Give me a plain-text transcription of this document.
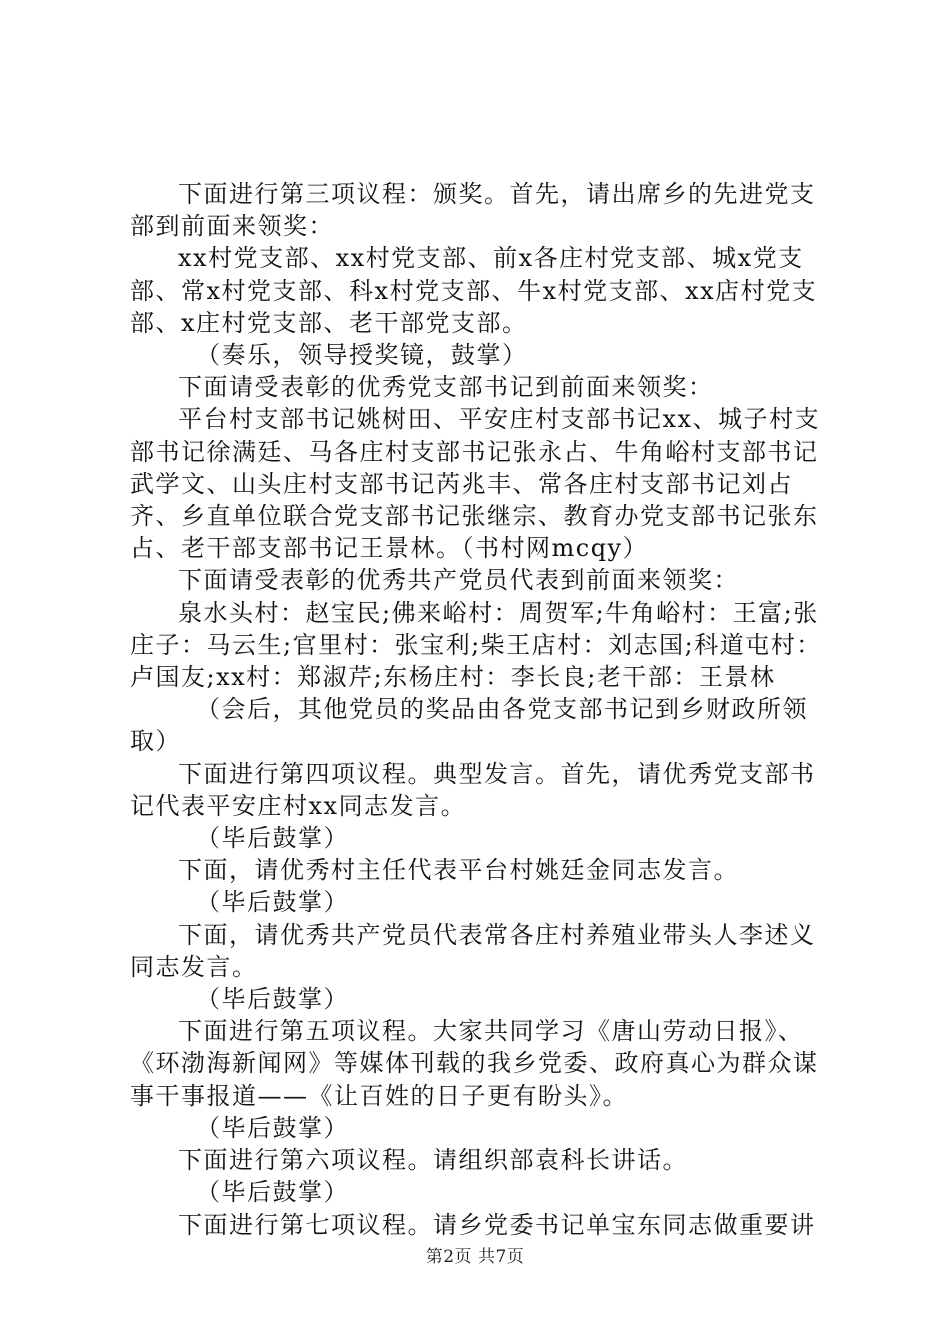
下面进行第三项议程：颁奖。首先，请出席乡的先进党支部到前面来领奖：

xx村党支部、xx村党支部、前x各庄村党支部、城x党支部、常x村党支部、科x村党支部、牛x村党支部、xx店村党支部、x庄村党支部、老干部党支部。

（奏乐，领导授奖镜，鼓掌）

下面请受表彰的优秀党支部书记到前面来领奖：

平台村支部书记姚树田、平安庄村支部书记xx、城子村支部书记徐满廷、马各庄村支部书记张永占、牛角峪村支部书记武学文、山头庄村支部书记芮兆丰、常各庄村支部书记刘占齐、乡直单位联合党支部书记张继宗、教育办党支部书记张东占、老干部支部书记王景林。（书村网mcqy）

下面请受表彰的优秀共产党员代表到前面来领奖：

泉水头村：赵宝民;佛来峪村：周贺军;牛角峪村：王富;张庄子：马云生;官里村：张宝利;柴王店村：刘志国;科道屯村：卢国友;xx村：郑淑芹;东杨庄村：李长良;老干部：王景林

（会后，其他党员的奖品由各党支部书记到乡财政所领取）

下面进行第四项议程。典型发言。首先，请优秀党支部书记代表平安庄村xx同志发言。

（毕后鼓掌）

下面，请优秀村主任代表平台村姚廷金同志发言。

（毕后鼓掌）

下面，请优秀共产党员代表常各庄村养殖业带头人李述义同志发言。

（毕后鼓掌）

下面进行第五项议程。大家共同学习《唐山劳动日报》、《环渤海新闻网》等媒体刊载的我乡党委、政府真心为群众谋事干事报道——《让百姓的日子更有盼头》。

（毕后鼓掌）

下面进行第六项议程。请组织部袁科长讲话。

（毕后鼓掌）

下面进行第七项议程。请乡党委书记单宝东同志做重要讲

第2页 共7页
